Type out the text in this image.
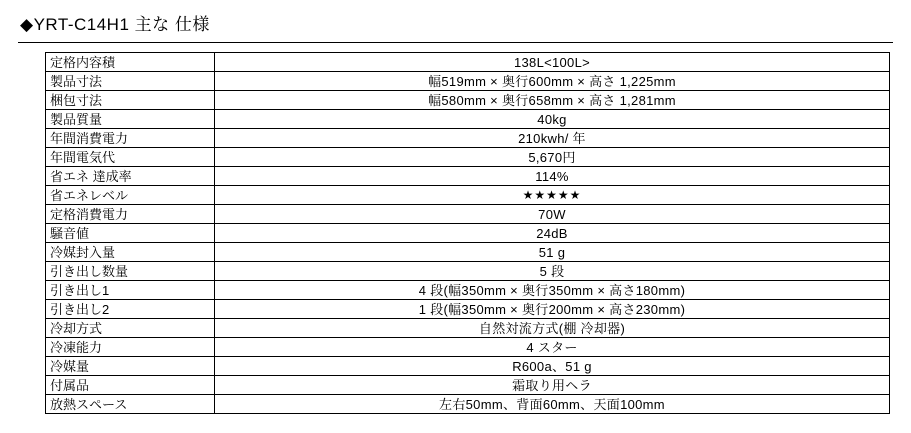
◆YRT-C14H1 主な 仕様
定格内容積	138L<100L>
製品寸法	幅519mm × 奥行600mm × 高さ 1,225mm
梱包寸法	幅580mm × 奥行658mm × 高さ 1,281mm
製品質量	40kg
年間消費電力	210kwh/ 年
年間電気代	5,670円
省エネ 達成率	114%
省エネレベル	★★★★★
定格消費電力	70W
騒音値	24dB
冷媒封入量	51 g
引き出し数量	5 段
引き出し1	4 段(幅350mm × 奥行350mm × 高さ180mm)
引き出し2	1 段(幅350mm × 奥行200mm × 高さ230mm)
冷却方式	自然対流方式(棚 冷却器)
冷凍能力	4 スター
冷媒量	R600a、51 g
付属品	霜取り用ヘラ
放熱スペース	左右50mm、背面60mm、天面100mm
